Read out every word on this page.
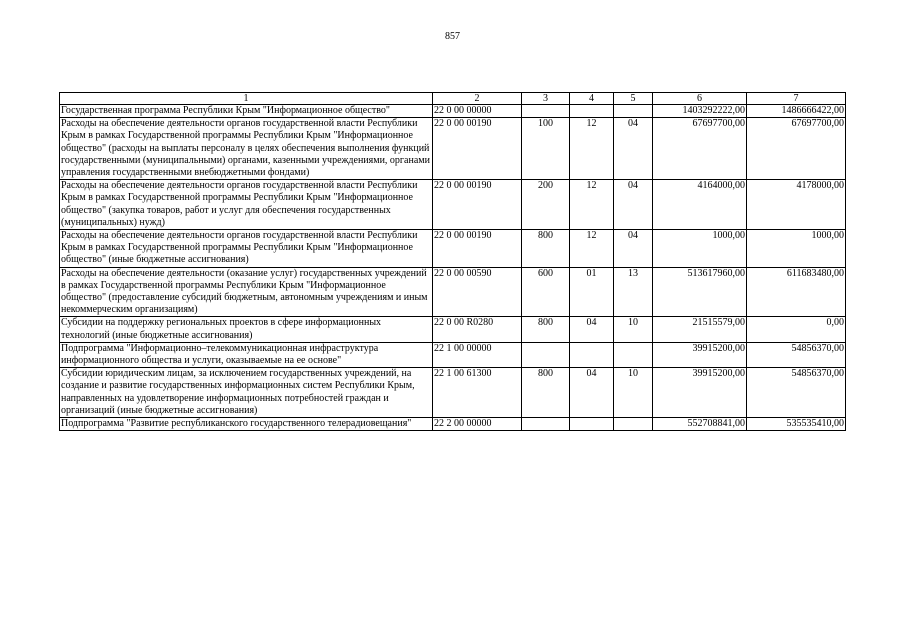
857
1	2	3	4	5	6	7
Государственная программа Республики Крым "Информационное общество"	22 0 00 00000				1403292222,00	1486666422,00
Расходы на обеспечение деятельности органов государственной власти Республики Крым в рамках Государственной программы Республики Крым "Информационное общество" (расходы на выплаты персоналу в целях обеспечения выполнения функций государственными (муниципальными) органами, казенными учреждениями, органами управления государственными внебюджетными фондами)	22 0 00 00190	100	12	04	67697700,00	67697700,00
Расходы на обеспечение деятельности органов государственной власти Республики Крым в рамках Государственной программы Республики Крым "Информационное общество" (закупка товаров, работ и услуг для обеспечения государственных (муниципальных) нужд)	22 0 00 00190	200	12	04	4164000,00	4178000,00
Расходы на обеспечение деятельности органов государственной власти Республики Крым в рамках Государственной программы Республики Крым "Информационное общество" (иные бюджетные ассигнования)	22 0 00 00190	800	12	04	1000,00	1000,00
Расходы на обеспечение деятельности (оказание услуг) государственных учреждений в рамках Государственной программы Республики Крым "Информационное общество" (предоставление субсидий бюджетным, автономным учреждениям и иным некоммерческим организациям)	22 0 00 00590	600	01	13	513617960,00	611683480,00
Субсидии на поддержку региональных проектов в сфере информационных технологий (иные бюджетные ассигнования)	22 0 00 R0280	800	04	10	21515579,00	0,00
Подпрограмма "Информационно–телекоммуникационная инфраструктура информационного общества и услуги, оказываемые на ее основе"	22 1 00 00000				39915200,00	54856370,00
Субсидии юридическим лицам, за исключением государственных учреждений, на создание и развитие государственных информационных систем Республики Крым, направленных на удовлетворение информационных потребностей граждан и организаций (иные бюджетные ассигнования)	22 1 00 61300	800	04	10	39915200,00	54856370,00
Подпрограмма "Развитие республиканского государственного телерадиовещания"	22 2 00 00000				552708841,00	535535410,00
